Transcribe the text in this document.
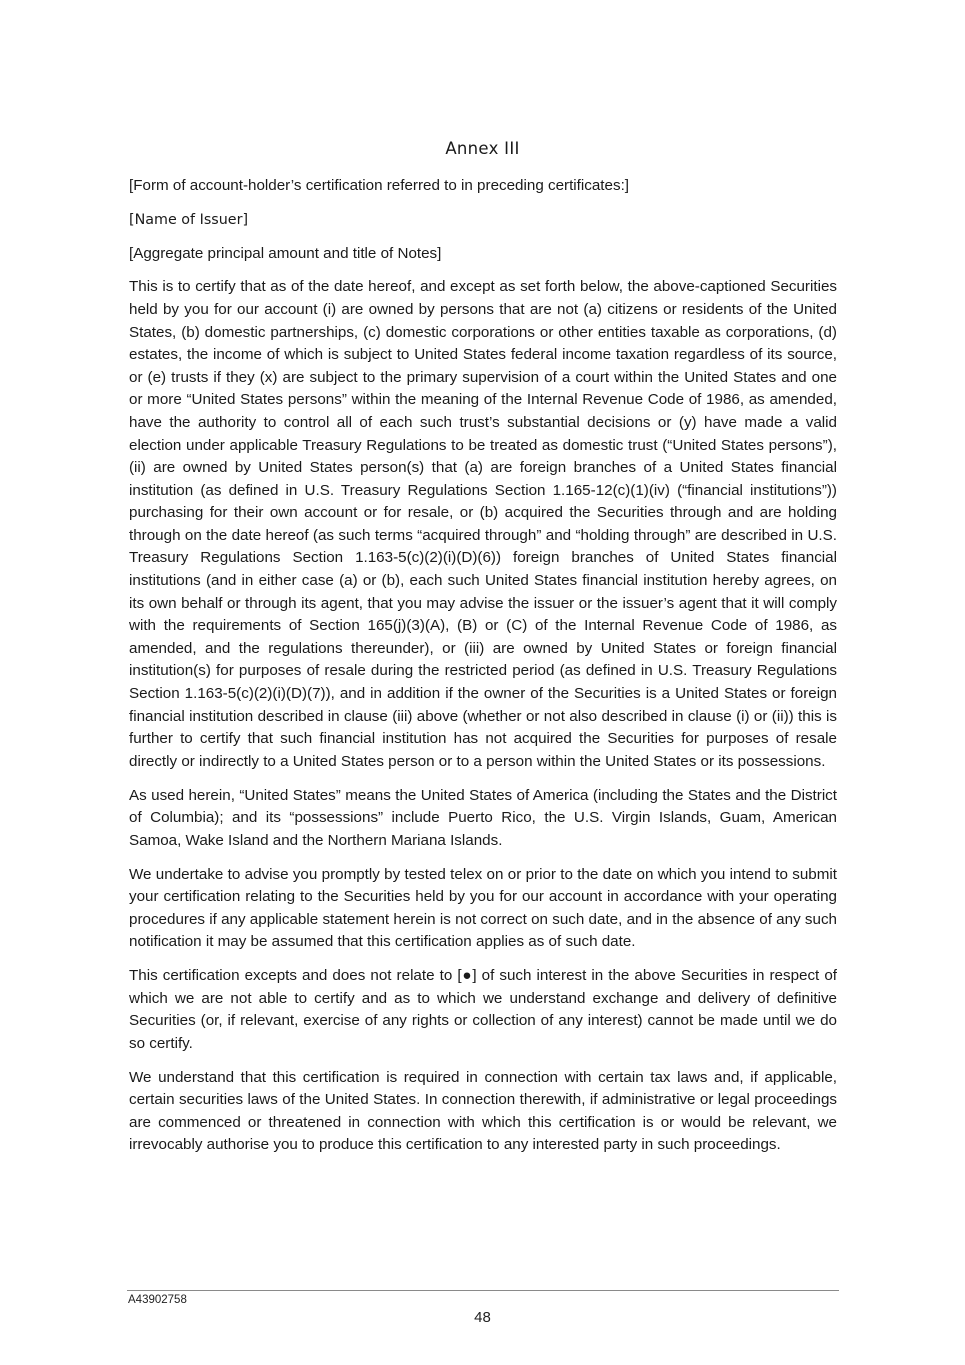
Annex III

[Form of account-holder’s certification referred to in preceding certificates:]

[Name of Issuer]

[Aggregate principal amount and title of Notes]

This is to certify that as of the date hereof, and except as set forth below, the above-captioned Securities held by you for our account (i) are owned by persons that are not (a) citizens or residents of the United States, (b) domestic partnerships, (c) domestic corporations or other entities taxable as corporations, (d) estates, the income of which is subject to United States federal income taxation regardless of its source, or (e) trusts if they (x) are subject to the primary supervision of a court within the United States and one or more “United States persons” within the meaning of the Internal Revenue Code of 1986, as amended, have the authority to control all of each such trust’s substantial decisions or (y) have made a valid election under applicable Treasury Regulations to be treated as domestic trust (“United States persons”), (ii) are owned by United States person(s) that (a) are foreign branches of a United States financial institution (as defined in U.S. Treasury Regulations Section 1.165-12(c)(1)(iv) (“financial institutions”)) purchasing for their own account or for resale, or (b) acquired the Securities through and are holding through on the date hereof (as such terms “acquired through” and “holding through” are described in U.S. Treasury Regulations Section 1.163-5(c)(2)(i)(D)(6)) foreign branches of United States financial institutions (and in either case (a) or (b), each such United States financial institution hereby agrees, on its own behalf or through its agent, that you may advise the issuer or the issuer’s agent that it will comply with the requirements of Section 165(j)(3)(A), (B) or (C) of the Internal Revenue Code of 1986, as amended, and the regulations thereunder), or (iii) are owned by United States or foreign financial institution(s) for purposes of resale during the restricted period (as defined in U.S. Treasury Regulations Section 1.163-5(c)(2)(i)(D)(7)), and in addition if the owner of the Securities is a United States or foreign financial institution described in clause (iii) above (whether or not also described in clause (i) or (ii)) this is further to certify that such financial institution has not acquired the Securities for purposes of resale directly or indirectly to a United States person or to a person within the United States or its possessions.

As used herein, “United States” means the United States of America (including the States and the District of Columbia); and its “possessions” include Puerto Rico, the U.S. Virgin Islands, Guam, American Samoa, Wake Island and the Northern Mariana Islands.

We undertake to advise you promptly by tested telex on or prior to the date on which you intend to submit your certification relating to the Securities held by you for our account in accordance with your operating procedures if any applicable statement herein is not correct on such date, and in the absence of any such notification it may be assumed that this certification applies as of such date.

This certification excepts and does not relate to [●] of such interest in the above Securities in respect of which we are not able to certify and as to which we understand exchange and delivery of definitive Securities (or, if relevant, exercise of any rights or collection of any interest) cannot be made until we do so certify.

We understand that this certification is required in connection with certain tax laws and, if applicable, certain securities laws of the United States. In connection therewith, if administrative or legal proceedings are commenced or threatened in connection with which this certification is or would be relevant, we irrevocably authorise you to produce this certification to any interested party in such proceedings.

A43902758
48
